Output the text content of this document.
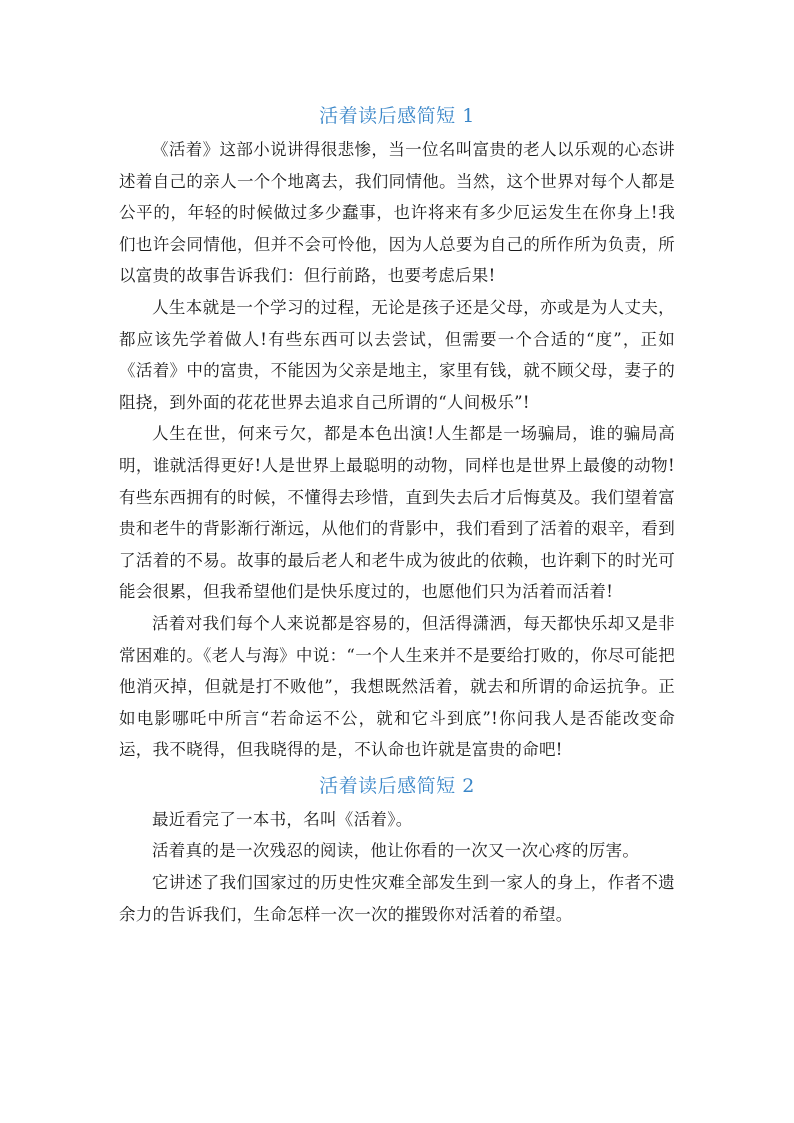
活着读后感简短 1

《活着》这部小说讲得很悲惨，当一位名叫富贵的老人以乐观的心态讲述着自己的亲人一个个地离去，我们同情他。当然，这个世界对每个人都是公平的，年轻的时候做过多少蠢事，也许将来有多少厄运发生在你身上!我们也许会同情他，但并不会可怜他，因为人总要为自己的所作所为负责，所以富贵的故事告诉我们：但行前路，也要考虑后果!

人生本就是一个学习的过程，无论是孩子还是父母，亦或是为人丈夫，都应该先学着做人!有些东西可以去尝试，但需要一个合适的“度”，正如《活着》中的富贵，不能因为父亲是地主，家里有钱，就不顾父母，妻子的阻挠，到外面的花花世界去追求自己所谓的“人间极乐”!

人生在世，何来亏欠，都是本色出演!人生都是一场骗局，谁的骗局高明，谁就活得更好!人是世界上最聪明的动物，同样也是世界上最傻的动物!有些东西拥有的时候，不懂得去珍惜，直到失去后才后悔莫及。我们望着富贵和老牛的背影渐行渐远，从他们的背影中，我们看到了活着的艰辛，看到了活着的不易。故事的最后老人和老牛成为彼此的依赖，也许剩下的时光可能会很累，但我希望他们是快乐度过的，也愿他们只为活着而活着!

活着对我们每个人来说都是容易的，但活得潇洒，每天都快乐却又是非常困难的。《老人与海》中说：“一个人生来并不是要给打败的，你尽可能把他消灭掉，但就是打不败他”，我想既然活着，就去和所谓的命运抗争。正如电影哪吒中所言“若命运不公，就和它斗到底”!你问我人是否能改变命运，我不晓得，但我晓得的是，不认命也许就是富贵的命吧!

活着读后感简短 2

最近看完了一本书，名叫《活着》。

活着真的是一次残忍的阅读，他让你看的一次又一次心疼的厉害。

它讲述了我们国家过的历史性灾难全部发生到一家人的身上，作者不遗余力的告诉我们，生命怎样一次一次的摧毁你对活着的希望。
